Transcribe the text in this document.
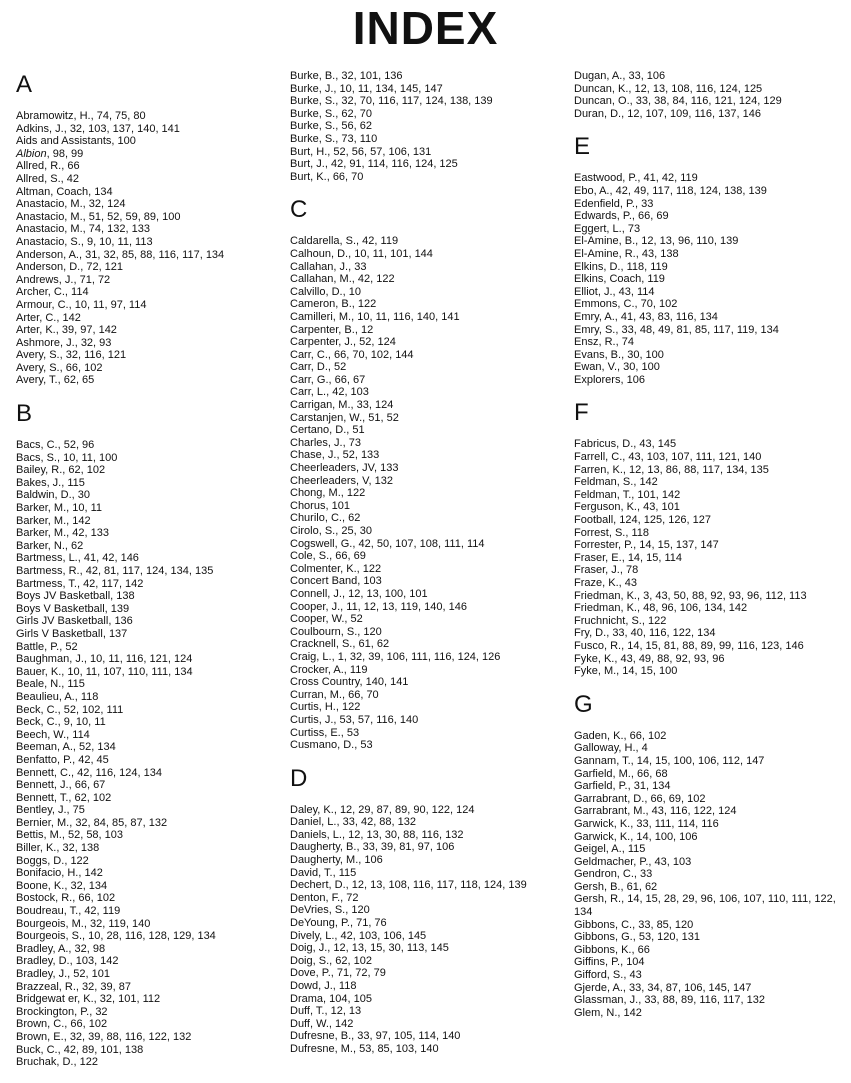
INDEX
A
Abramowitz, H. , 74, 75, 80
Adkins, J. , 32, 103, 137, 140, 141
Aids and Assistants , 100
Albion , 98, 99
Allred, R. , 66
Allred, S. , 42
Altman, Coach , 134
Anastacio, M. , 32, 124
Anastacio, M. , 51, 52, 59, 89, 100
Anastacio, M. , 74, 132, 133
Anastacio, S. , 9, 10, 11, 113
Anderson, A. , 31, 32, 85, 88, 116, 117, 134
Anderson, D. , 72, 121
Andrews, J. , 71, 72
Archer, C. , 114
Armour, C. , 10, 11, 97, 114
Arter, C. , 142
Arter, K. , 39, 97, 142
Ashmore, J. , 32, 93
Avery, S. , 32, 116, 121
Avery, S. , 66, 102
Avery, T. , 62, 65
B
Bacs, C. , 52, 96
Bacs, S. , 10, 11, 100
Bailey, R. , 62, 102
Bakes, J. , 115
Baldwin, D. , 30
Barker, M. , 10, 11
Barker, M. , 142
Barker, M. , 42, 133
Barker, N. , 62
Bartmess, L. , 41, 42, 146
Bartmess, R. , 42, 81, 117, 124, 134, 135
Bartmess, T. , 42, 117, 142
Boys JV Basketball , 138
Boys V Basketball , 139
Girls JV Basketball , 136
Girls V Basketball , 137
Battle, P. , 52
Baughman, J. , 10, 11, 116, 121, 124
Bauer, K. , 10, 11, 107, 110, 111, 134
Beale, N. , 115
Beaulieu, A. , 118
Beck, C. , 52, 102, 111
Beck, C. , 9, 10, 11
Beech, W. , 114
Beeman, A. , 52, 134
Benfatto, P. , 42, 45
Bennett, C. , 42, 116, 124, 134
Bennett, J. , 66, 67
Bennett, T. , 62, 102
Bentley, J. , 75
Bernier, M. , 32, 84, 85, 87, 132
Bettis, M. , 52, 58, 103
Biller, K. , 32, 138
Boggs, D. , 122
Bonifacio, H. , 142
Boone, K. , 32, 134
Bostock, R. , 66, 102
Boudreau, T. , 42, 119
Bourgeois, M. , 32, 119, 140
Bourgeois, S. , 10, 28, 116, 128, 129, 134
Bradley, A. , 32, 98
Bradley, D. , 103, 142
Bradley, J. , 52, 101
Brazzeal, R. , 32, 39, 87
Bridgewat er, K. , 32, 101, 112
Brockington, P. , 32
Brown, C. , 66, 102
Brown, E. , 32, 39, 88, 116, 122, 132
Buck, C. , 42, 89, 101, 138
Bruchak, D. , 122
Burke, B. , 32, 101, 136
Burke, J. , 10, 11, 134, 145, 147
Burke, S. , 32, 70, 116, 117, 124, 138, 139
Burke, S. , 62, 70
Burke, S. , 56, 62
Burke, S. , 73, 110
Burt, H. , 52, 56, 57, 106, 131
Burt, J. , 42, 91, 114, 116, 124, 125
Burt, K. , 66, 70
C
Caldarella, S. , 42, 119
Calhoun, D. , 10, 11, 101, 144
Callahan, J. , 33
Callahan, M. , 42, 122
Calvillo, D. , 10
Cameron, B. , 122
Camilleri, M. , 10, 11, 116, 140, 141
Carpenter, B. , 12
Carpenter, J. , 52, 124
Carr, C. , 66, 70, 102, 144
Carr, D. , 52
Carr, G. , 66, 67
Carr, L. , 42, 103
Carrigan, M. , 33, 124
Carstanjen, W. , 51, 52
Certano, D. , 51
Charles, J. , 73
Chase, J. , 52, 133
Cheerleaders, JV , 133
Cheerleaders, V , 132
Chong, M. , 122
Chorus , 101
Churilo, C. , 62
Cirolo, S. , 25, 30
Cogswell, G. , 42, 50, 107, 108, 111, 114
Cole, S. , 66, 69
Colmenter, K. , 122
Concert Band , 103
Connell, J. , 12, 13, 100, 101
Cooper, J. , 11, 12, 13, 119, 140, 146
Cooper, W. , 52
Coulbourn, S. , 120
Cracknell, S. , 61, 62
Craig, L. , 1, 32, 39, 106, 111, 116, 124, 126
Crocker, A. , 119
Cross Country , 140, 141
Curran, M. , 66, 70
Curtis, H. , 122
Curtis, J. , 53, 57, 116, 140
Curtiss, E. , 53
Cusmano, D. , 53
D
Daley, K. , 12, 29, 87, 89, 90, 122, 124
Daniel, L. , 33, 42, 88, 132
Daniels, L. , 12, 13, 30, 88, 116, 132
Daugherty, B. , 33, 39, 81, 97, 106
Daugherty, M. , 106
David, T. , 115
Dechert, D. , 12, 13, 108, 116, 117, 118, 124, 139
Denton, F. , 72
DeVries, S. , 120
DeYoung, P. , 71, 76
Dively, L. , 42, 103, 106, 145
Doig, J. , 12, 13, 15, 30, 113, 145
Doig, S. , 62, 102
Dove, P. , 71, 72, 79
Dowd, J. , 118
Drama , 104, 105
Duff, T. , 12, 13
Duff, W. , 142
Dufresne, B. , 33, 97, 105, 114, 140
Dufresne, M. , 53, 85, 103, 140
Dugan, A. , 33, 106
Duncan, K. , 12, 13, 108, 116, 124, 125
Duncan, O. , 33, 38, 84, 116, 121, 124, 129
Duran, D. , 12, 107, 109, 116, 137, 146
E
Eastwood, P. , 41, 42, 119
Ebo, A. , 42, 49, 117, 118, 124, 138, 139
Edenfield, P. , 33
Edwards, P. , 66, 69
Eggert, L. , 73
El-Amine, B. , 12, 13, 96, 110, 139
El-Amine, R. , 43, 138
Elkins, D. , 118, 119
Elkins, Coach , 119
Elliot, J. , 43, 114
Emmons, C. , 70, 102
Emry, A. , 41, 43, 83, 116, 134
Emry, S. , 33, 48, 49, 81, 85, 117, 119, 134
Ensz, R. , 74
Evans, B. , 30, 100
Ewan, V. , 30, 100
Explorers , 106
F
Fabricus, D. , 43, 145
Farrell, C. , 43, 103, 107, 111, 121, 140
Farren, K. , 12, 13, 86, 88, 117, 134, 135
Feldman, S. , 142
Feldman, T. , 101, 142
Ferguson, K. , 43, 101
Football , 124, 125, 126, 127
Forrest, S. , 118
Forrester, P. , 14, 15, 137, 147
Fraser, E. , 14, 15, 114
Fraser, J. , 78
Fraze, K. , 43
Friedman, K. , 3, 43, 50, 88, 92, 93, 96, 112, 113
Friedman, K. , 48, 96, 106, 134, 142
Fruchnicht, S. , 122
Fry, D. , 33, 40, 116, 122, 134
Fusco, R. , 14, 15, 81, 88, 89, 99, 116, 123, 146
Fyke, K. , 43, 49, 88, 92, 93, 96
Fyke, M. , 14, 15, 100
G
Gaden, K. , 66, 102
Galloway, H. , 4
Gannam, T. , 14, 15, 100, 106, 112, 147
Garfield, M. , 66, 68
Garfield, P. , 31, 134
Garrabrant, D. , 66, 69, 102
Garrabrant, M. , 43, 116, 122, 124
Garwick, K. , 33, 111, 114, 116
Garwick, K. , 14, 100, 106
Geigel, A. , 115
Geldmacher, P. , 43, 103
Gendron, C. , 33
Gersh, B. , 61, 62
Gersh, R. , 14, 15, 28, 29, 96, 106, 107, 110, 111, 122, 134
Gibbons, C. , 33, 85, 120
Gibbons, G. , 53, 120, 131
Gibbons, K. , 66
Giffins, P. , 104
Gifford, S. , 43
Gjerde, A. , 33, 34, 87, 106, 145, 147
Glassman, J. , 33, 88, 89, 116, 117, 132
Glem, N. , 142
